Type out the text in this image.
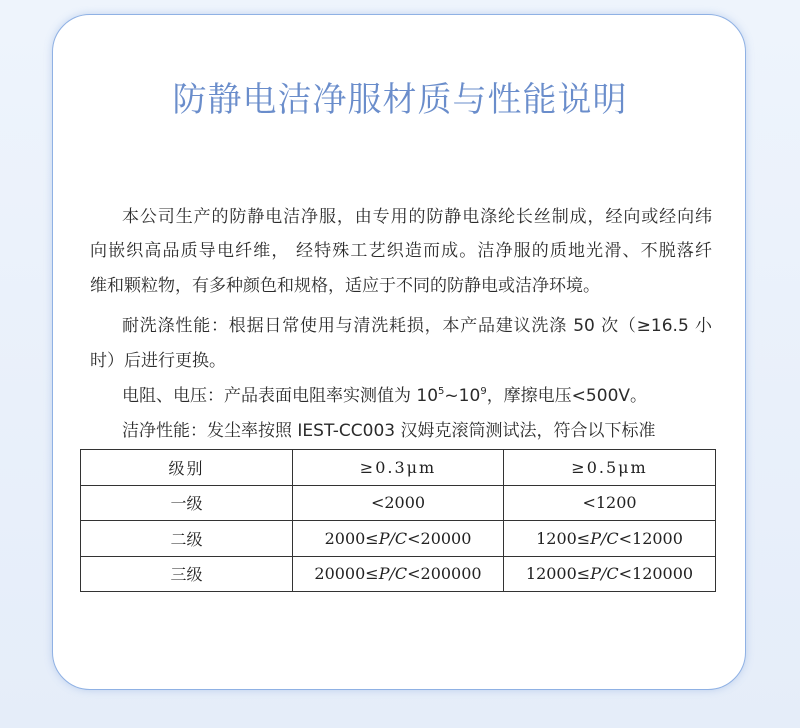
防静电洁净服材质与性能说明
本公司生产的防静电洁净服，由专用的防静电涤纶长丝制成，经向或经向纬
向嵌织高品质导电纤维， 经特殊工艺织造而成。洁净服的质地光滑、不脱落纤
维和颗粒物，有多种颜色和规格，适应于不同的防静电或洁净环境。
耐洗涤性能：根据日常使用与清洗耗损，本产品建议洗涤 50 次（≥16.5 小
时）后进行更换。
电阻、电压：产品表面电阻率实测值为 $10^5\sim 10^9$，摩擦电压<500V。
洁净性能：发尘率按照 IEST-CC003 汉姆克滚筒测试法，符合以下标准
级别	≥0.3μm	≥0.5μm
一级	<2000	<1200
二级	2000≤P/C<20000	1200≤P/C<12000
三级	20000≤P/C<200000	12000≤P/C<120000
